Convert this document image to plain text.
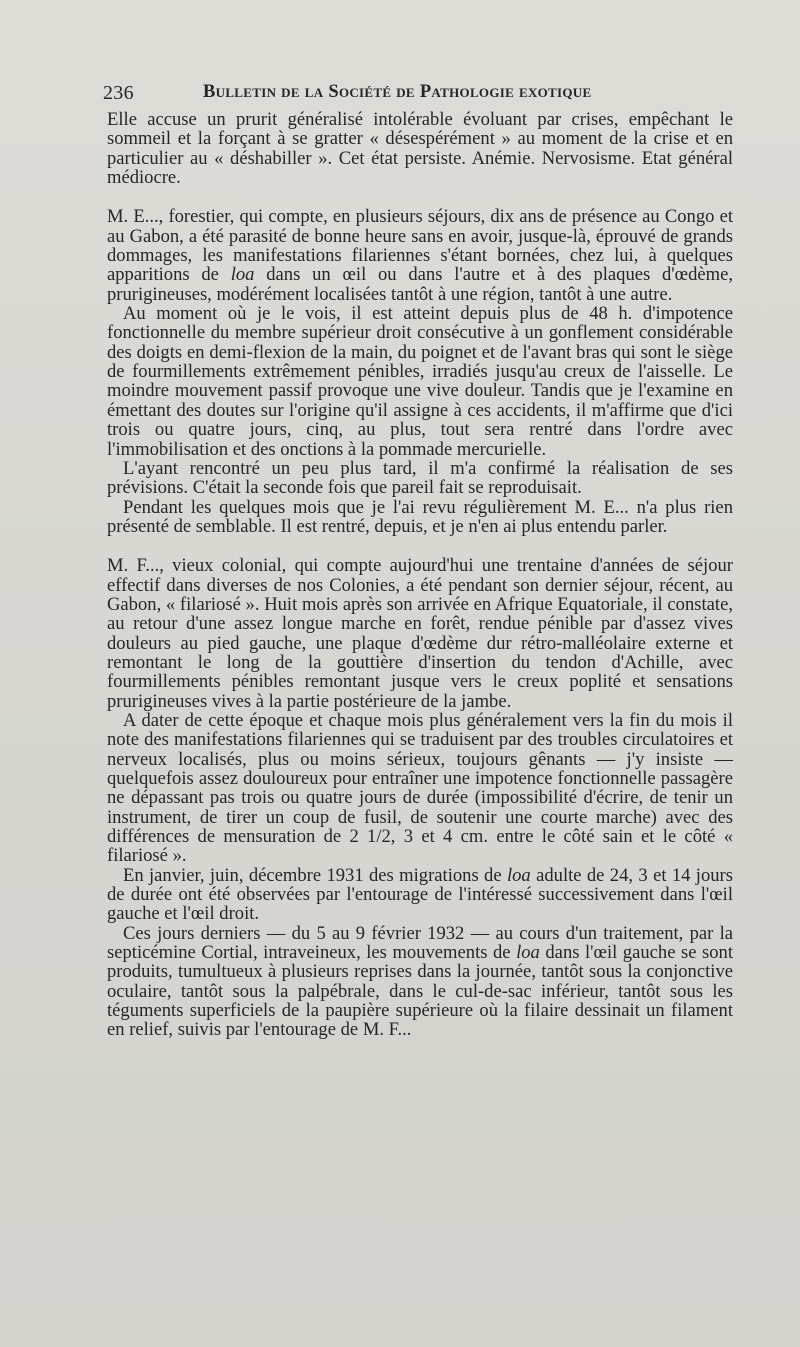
236	Bulletin de la Société de Pathologie exotique

Elle accuse un prurit généralisé intolérable évoluant par crises, empêchant le sommeil et la forçant à se gratter « désespérément » au moment de la crise et en particulier au « déshabiller ». Cet état persiste. Anémie. Nervosisme. Etat général médiocre.

M. E..., forestier, qui compte, en plusieurs séjours, dix ans de présence au Congo et au Gabon, a été parasité de bonne heure sans en avoir, jusque-là, éprouvé de grands dommages, les manifestations filariennes s'étant bornées, chez lui, à quelques apparitions de loa dans un œil ou dans l'autre et à des plaques d'œdème, prurigineuses, modérément localisées tantôt à une région, tantôt à une autre.

Au moment où je le vois, il est atteint depuis plus de 48 h. d'impotence fonctionnelle du membre supérieur droit consécutive à un gonflement considérable des doigts en demi-flexion de la main, du poignet et de l'avant bras qui sont le siège de fourmillements extrêmement pénibles, irradiés jusqu'au creux de l'aisselle. Le moindre mouvement passif provoque une vive douleur. Tandis que je l'examine en émettant des doutes sur l'origine qu'il assigne à ces accidents, il m'affirme que d'ici trois ou quatre jours, cinq, au plus, tout sera rentré dans l'ordre avec l'immobilisation et des onctions à la pommade mercurielle.

L'ayant rencontré un peu plus tard, il m'a confirmé la réalisation de ses prévisions. C'était la seconde fois que pareil fait se reproduisait.

Pendant les quelques mois que je l'ai revu régulièrement M. E... n'a plus rien présenté de semblable. Il est rentré, depuis, et je n'en ai plus entendu parler.

M. F..., vieux colonial, qui compte aujourd'hui une trentaine d'années de séjour effectif dans diverses de nos Colonies, a été pendant son dernier séjour, récent, au Gabon, « filariosé ». Huit mois après son arrivée en Afrique Equatoriale, il constate, au retour d'une assez longue marche en forêt, rendue pénible par d'assez vives douleurs au pied gauche, une plaque d'œdème dur rétro-malléolaire externe et remontant le long de la gouttière d'insertion du tendon d'Achille, avec fourmillements pénibles remontant jusque vers le creux poplité et sensations prurigineuses vives à la partie postérieure de la jambe.

A dater de cette époque et chaque mois plus généralement vers la fin du mois il note des manifestations filariennes qui se traduisent par des troubles circulatoires et nerveux localisés, plus ou moins sérieux, toujours gênants — j'y insiste — quelquefois assez douloureux pour entraîner une impotence fonctionnelle passagère ne dépassant pas trois ou quatre jours de durée (impossibilité d'écrire, de tenir un instrument, de tirer un coup de fusil, de soutenir une courte marche) avec des différences de mensuration de 2 1/2, 3 et 4 cm. entre le côté sain et le côté « filariosé ».

En janvier, juin, décembre 1931 des migrations de loa adulte de 24, 3 et 14 jours de durée ont été observées par l'entourage de l'intéressé successivement dans l'œil gauche et l'œil droit.

Ces jours derniers — du 5 au 9 février 1932 — au cours d'un traitement, par la septicémine Cortial, intraveineux, les mouvements de loa dans l'œil gauche se sont produits, tumultueux à plusieurs reprises dans la journée, tantôt sous la conjonctive oculaire, tantôt sous la palpébrale, dans le cul-de-sac inférieur, tantôt sous les téguments superficiels de la paupière supérieure où la filaire dessinait un filament en relief, suivis par l'entourage de M. F...
